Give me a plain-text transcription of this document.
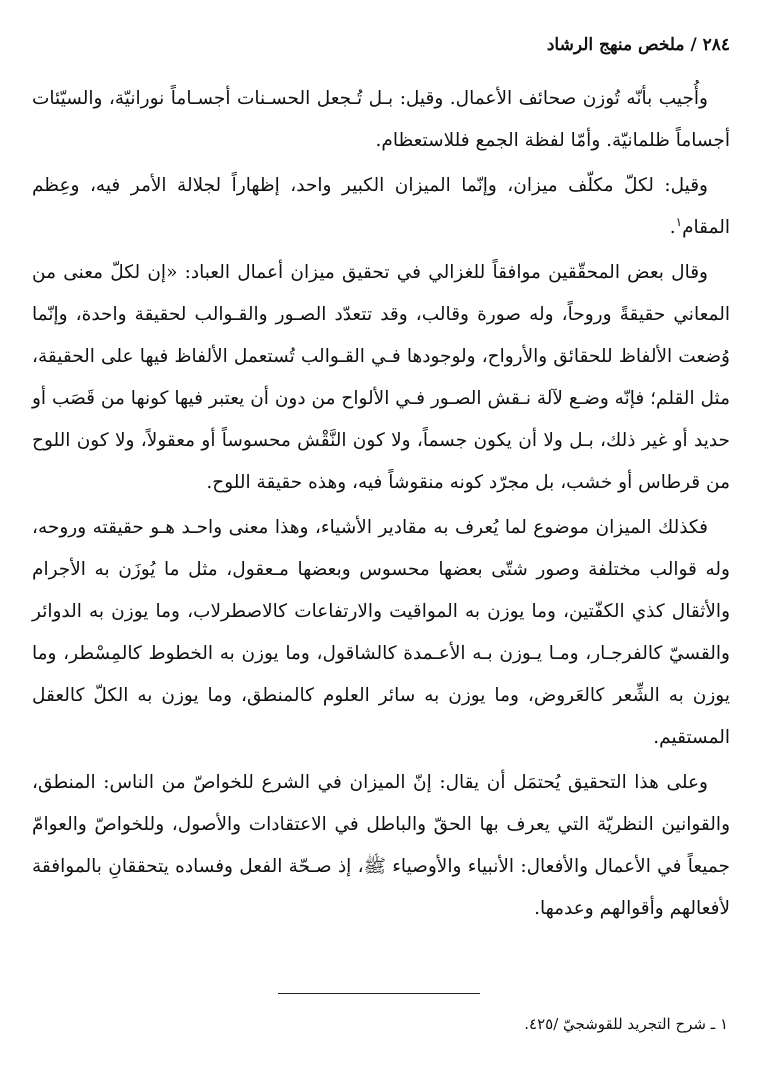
٢٨٤ / ملخص منهج الرشاد

وأُجيب بأنّه تُوزن صحائف الأعمال. وقيل: بـل تُـجعل الحسـنات أجسـاماً نورانيّة، والسيّئات أجساماً ظلمانيّة. وأمّا لفظة الجمع فللاستعظام.

وقيل: لكلّ مكلّف ميزان، وإنّما الميزان الكبير واحد، إظهاراً لجلالة الأمر فيه، وعِظم المقام$^١$.

وقال بعض المحقّقين موافقاً للغزالي في تحقيق ميزان أعمال العباد: «إن لكلّ معنى من المعاني حقيقةً وروحاً، وله صورة وقالب، وقد تتعدّد الصـور والقـوالب لحقيقة واحدة، وإنّما وُضعت الألفاظ للحقائق والأرواح، ولوجودها فـي القـوالب تُستعمل الألفاظ فيها على الحقيقة، مثل القلم؛ فإنّه وضـع لآلة نـقش الصـور فـي الألواح من دون أن يعتبر فيها كونها من قَصَب أو حديد أو غير ذلك، بـل ولا أن يكون جسماً، ولا كون النَّقْش محسوساً أو معقولاً، ولا كون اللوح من قرطاس أو خشب، بل مجرّد كونه منقوشاً فيه، وهذه حقيقة اللوح.

فكذلك الميزان موضوع لما يُعرف به مقادير الأشياء، وهذا معنى واحـد هـو حقيقته وروحه، وله قوالب مختلفة وصور شتّى بعضها محسوس وبعضها مـعقول، مثل ما يُوزَن به الأجرام والأثقال كذي الكفّتين، وما يوزن به المواقيت والارتفاعات كالاصطرلاب، وما يوزن به الدوائر والقسيّ كالفرجـار، ومـا يـوزن بـه الأعـمدة كالشاقول، وما يوزن به الخطوط كالمِسْطر، وما يوزن به الشِّعر كالعَروض، وما يوزن به سائر العلوم كالمنطق، وما يوزن به الكلّ كالعقل المستقيم.

وعلى هذا التحقيق يُحتمَل أن يقال: إنّ الميزان في الشرع للخواصّ من الناس: المنطق، والقوانين النظريّة التي يعرف بها الحقّ والباطل في الاعتقادات والأصول، وللخواصّ والعوامّ جميعاً في الأعمال والأفعال: الأنبياء والأوصياء ﷺ، إذ صـحّة الفعل وفساده يتحققانِ بالموافقة لأفعالهم وأقوالهم وعدمها.

١ ـ شرح التجريد للقوشجيّ /٤٢٥.
